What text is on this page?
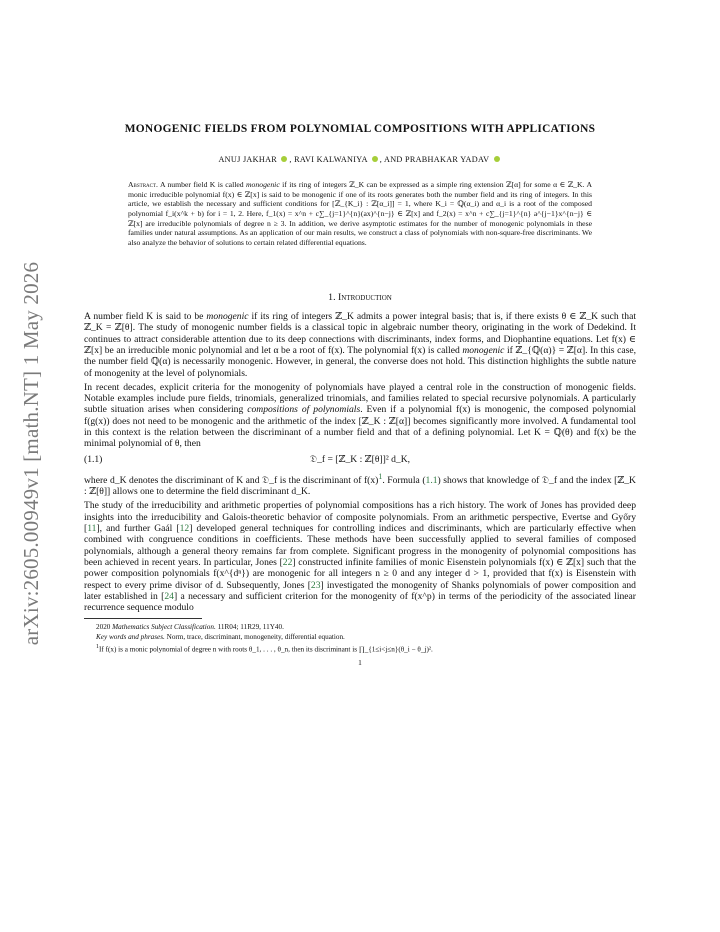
arXiv:2605.00949v1 [math.NT] 1 May 2026
MONOGENIC FIELDS FROM POLYNOMIAL COMPOSITIONS WITH APPLICATIONS
ANUJ JAKHAR , RAVI KALWANIYA , AND PRABHAKAR YADAV
Abstract. A number field K is called monogenic if its ring of integers ℤ_K can be expressed as a simple ring extension ℤ[α] for some α ∈ ℤ_K. A monic irreducible polynomial f(x) ∈ ℤ[x] is said to be monogenic if one of its roots generates both the number field and its ring of integers. In this article, we establish the necessary and sufficient conditions for [ℤ_{K_i} : ℤ[α_i]] = 1, where K_i = ℚ(α_i) and α_i is a root of the composed polynomial f_i(x^k + b) for i = 1, 2. Here, f_1(x) = x^n + c∑_{j=1}^{n}(ax)^{n−j} ∈ ℤ[x] and f_2(x) = x^n + c∑_{j=1}^{n} a^{j−1}x^{n−j} ∈ ℤ[x] are irreducible polynomials of degree n ≥ 3. In addition, we derive asymptotic estimates for the number of monogenic polynomials in these families under natural assumptions. As an application of our main results, we construct a class of polynomials with non-square-free discriminants. We also analyze the behavior of solutions to certain related differential equations.
1. Introduction

A number field K is said to be monogenic if its ring of integers ℤ_K admits a power integral basis; that is, if there exists θ ∈ ℤ_K such that ℤ_K = ℤ[θ]. The study of monogenic number fields is a classical topic in algebraic number theory, originating in the work of Dedekind. It continues to attract considerable attention due to its deep connections with discriminants, index forms, and Diophantine equations. Let f(x) ∈ ℤ[x] be an irreducible monic polynomial and let α be a root of f(x). The polynomial f(x) is called monogenic if ℤ_{ℚ(α)} = ℤ[α]. In this case, the number field ℚ(α) is necessarily monogenic. However, in general, the converse does not hold. This distinction highlights the subtle nature of monogenity at the level of polynomials.

In recent decades, explicit criteria for the monogenity of polynomials have played a central role in the construction of monogenic fields. Notable examples include pure fields, trinomials, generalized trinomials, and families related to special recursive polynomials. A particularly subtle situation arises when considering compositions of polynomials. Even if a polynomial f(x) is monogenic, the composed polynomial f(g(x)) does not need to be monogenic and the arithmetic of the index [ℤ_K : ℤ[α]] becomes significantly more involved. A fundamental tool in this context is the relation between the discriminant of a number field and that of a defining polynomial. Let K = ℚ(θ) and f(x) be the minimal polynomial of θ, then

(1.1)	𝔇_f = [ℤ_K : ℤ[θ]]² d_K,

where d_K denotes the discriminant of K and 𝔇_f is the discriminant of f(x)$^1$. Formula (1.1) shows that knowledge of 𝔇_f and the index [ℤ_K : ℤ[θ]] allows one to determine the field discriminant d_K.

The study of the irreducibility and arithmetic properties of polynomial compositions has a rich history. The work of Jones has provided deep insights into the irreducibility and Galois-theoretic behavior of composite polynomials. From an arithmetic perspective, Evertse and Győry [11], and further Gaál [12] developed general techniques for controlling indices and discriminants, which are particularly effective when combined with congruence conditions in coefficients. These methods have been successfully applied to several families of composed polynomials, although a general theory remains far from complete. Significant progress in the monogenity of polynomial compositions has been achieved in recent years. In particular, Jones [22] constructed infinite families of monic Eisenstein polynomials f(x) ∈ ℤ[x] such that the power composition polynomials f(x^{dⁿ}) are monogenic for all integers n ≥ 0 and any integer d > 1, provided that f(x) is Eisenstein with respect to every prime divisor of d. Subsequently, Jones [23] investigated the monogenity of Shanks polynomials of power composition and later established in [24] a necessary and sufficient criterion for the monogenity of f(x^p) in terms of the periodicity of the associated linear recurrence sequence modulo

2020 Mathematics Subject Classification. 11R04; 11R29, 11Y40.
Key words and phrases. Norm, trace, discriminant, monogeneity, differential equation.
$^1$If f(x) is a monic polynomial of degree n with roots θ_1, . . . , θ_n, then its discriminant is ∏_{1≤i<j≤n}(θ_i − θ_j)².
1
